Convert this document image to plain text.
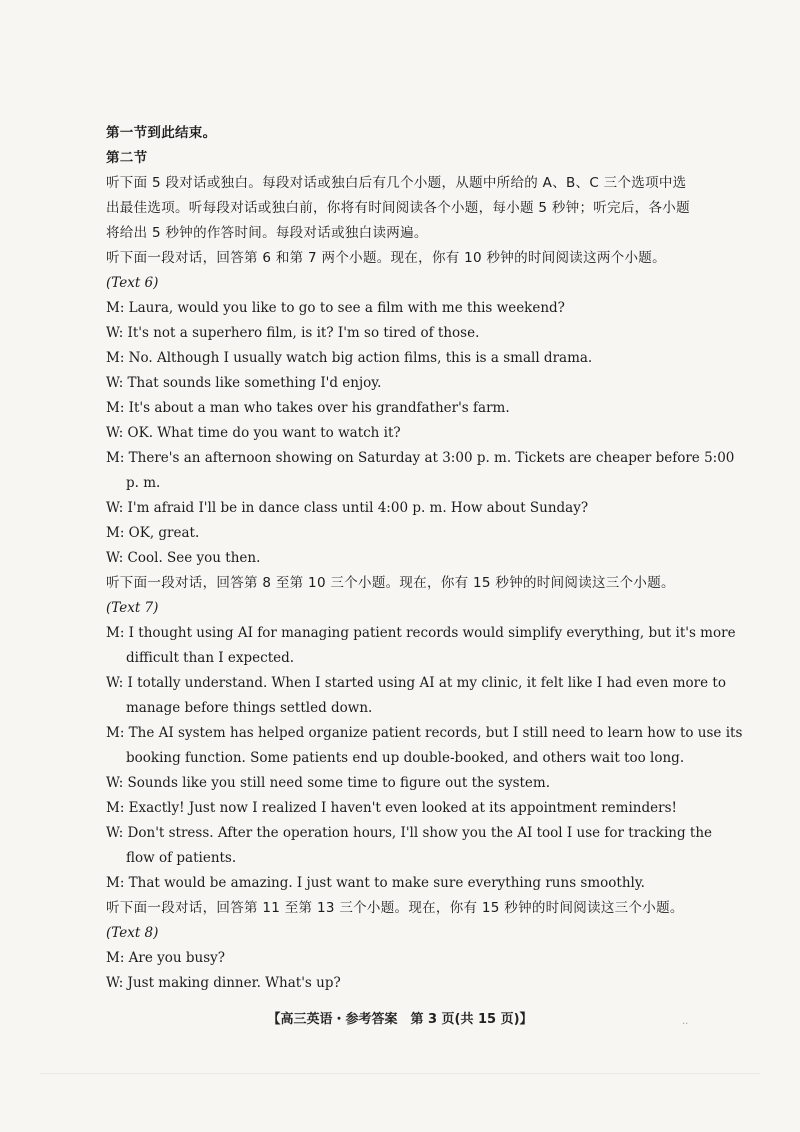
第一节到此结束。
第二节
听下面 5 段对话或独白。每段对话或独白后有几个小题，从题中所给的 A、B、C 三个选项中选
出最佳选项。听每段对话或独白前，你将有时间阅读各个小题，每小题 5 秒钟；听完后，各小题
将给出 5 秒钟的作答时间。每段对话或独白读两遍。
听下面一段对话，回答第 6 和第 7 两个小题。现在，你有 10 秒钟的时间阅读这两个小题。
(Text 6)
M: Laura, would you like to go to see a film with me this weekend?
W: It's not a superhero film, is it? I'm so tired of those.
M: No. Although I usually watch big action films, this is a small drama.
W: That sounds like something I'd enjoy.
M: It's about a man who takes over his grandfather's farm.
W: OK. What time do you want to watch it?
M: There's an afternoon showing on Saturday at 3:00 p. m. Tickets are cheaper before 5:00
p. m.
W: I'm afraid I'll be in dance class until 4:00 p. m. How about Sunday?
M: OK, great.
W: Cool. See you then.
听下面一段对话，回答第 8 至第 10 三个小题。现在，你有 15 秒钟的时间阅读这三个小题。
(Text 7)
M: I thought using AI for managing patient records would simplify everything, but it's more
difficult than I expected.
W: I totally understand. When I started using AI at my clinic, it felt like I had even more to
manage before things settled down.
M: The AI system has helped organize patient records, but I still need to learn how to use its
booking function. Some patients end up double-booked, and others wait too long.
W: Sounds like you still need some time to figure out the system.
M: Exactly! Just now I realized I haven't even looked at its appointment reminders!
W: Don't stress. After the operation hours, I'll show you the AI tool I use for tracking the
flow of patients.
M: That would be amazing. I just want to make sure everything runs smoothly.
听下面一段对话，回答第 11 至第 13 三个小题。现在，你有 15 秒钟的时间阅读这三个小题。
(Text 8)
M: Are you busy?
W: Just making dinner. What's up?
【高三英语・参考答案　第 3 页(共 15 页)】	..
